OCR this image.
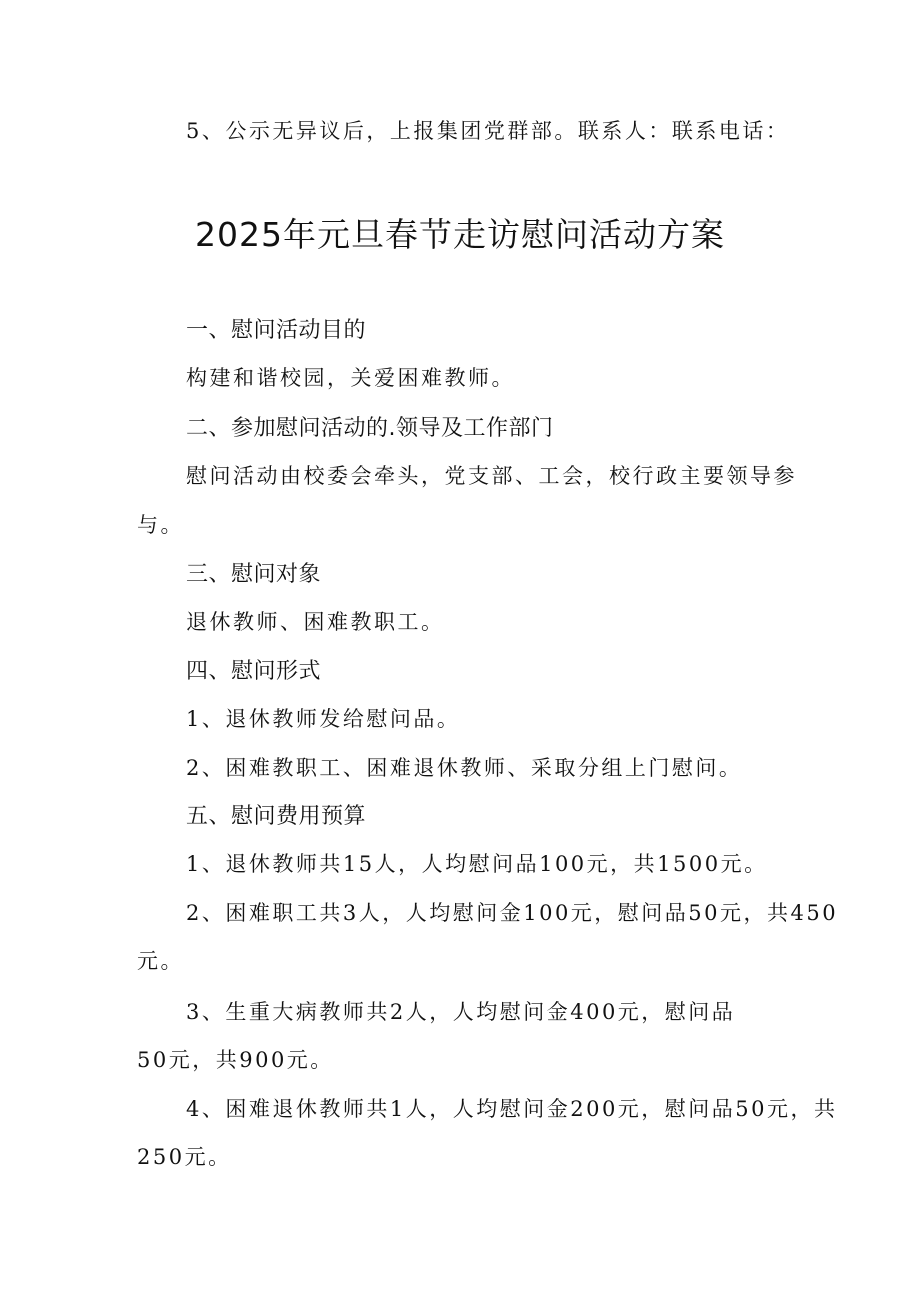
5、公示无异议后，上报集团党群部。联系人：联系电话：
2025年元旦春节走访慰问活动方案
一、慰问活动目的
构建和谐校园，关爱困难教师。
二、参加慰问活动的.领导及工作部门
慰问活动由校委会牵头，党支部、工会，校行政主要领导参
与。
三、慰问对象
退休教师、困难教职工。
四、慰问形式
1、退休教师发给慰问品。
2、困难教职工、困难退休教师、采取分组上门慰问。
五、慰问费用预算
1、退休教师共15人，人均慰问品100元，共1500元。
2、困难职工共3人，人均慰问金100元，慰问品50元，共450
元。
3、生重大病教师共2人，人均慰问金400元，慰问品
50元，共900元。
4、困难退休教师共1人，人均慰问金200元，慰问品50元，共
250元。
